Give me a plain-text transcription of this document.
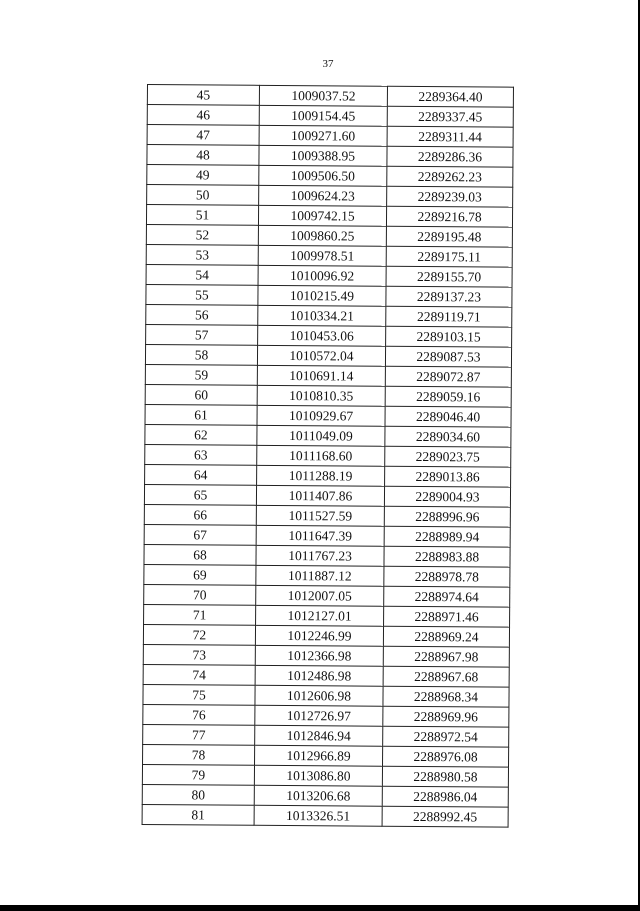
37
45	1009037.52	2289364.40
46	1009154.45	2289337.45
47	1009271.60	2289311.44
48	1009388.95	2289286.36
49	1009506.50	2289262.23
50	1009624.23	2289239.03
51	1009742.15	2289216.78
52	1009860.25	2289195.48
53	1009978.51	2289175.11
54	1010096.92	2289155.70
55	1010215.49	2289137.23
56	1010334.21	2289119.71
57	1010453.06	2289103.15
58	1010572.04	2289087.53
59	1010691.14	2289072.87
60	1010810.35	2289059.16
61	1010929.67	2289046.40
62	1011049.09	2289034.60
63	1011168.60	2289023.75
64	1011288.19	2289013.86
65	1011407.86	2289004.93
66	1011527.59	2288996.96
67	1011647.39	2288989.94
68	1011767.23	2288983.88
69	1011887.12	2288978.78
70	1012007.05	2288974.64
71	1012127.01	2288971.46
72	1012246.99	2288969.24
73	1012366.98	2288967.98
74	1012486.98	2288967.68
75	1012606.98	2288968.34
76	1012726.97	2288969.96
77	1012846.94	2288972.54
78	1012966.89	2288976.08
79	1013086.80	2288980.58
80	1013206.68	2288986.04
81	1013326.51	2288992.45
